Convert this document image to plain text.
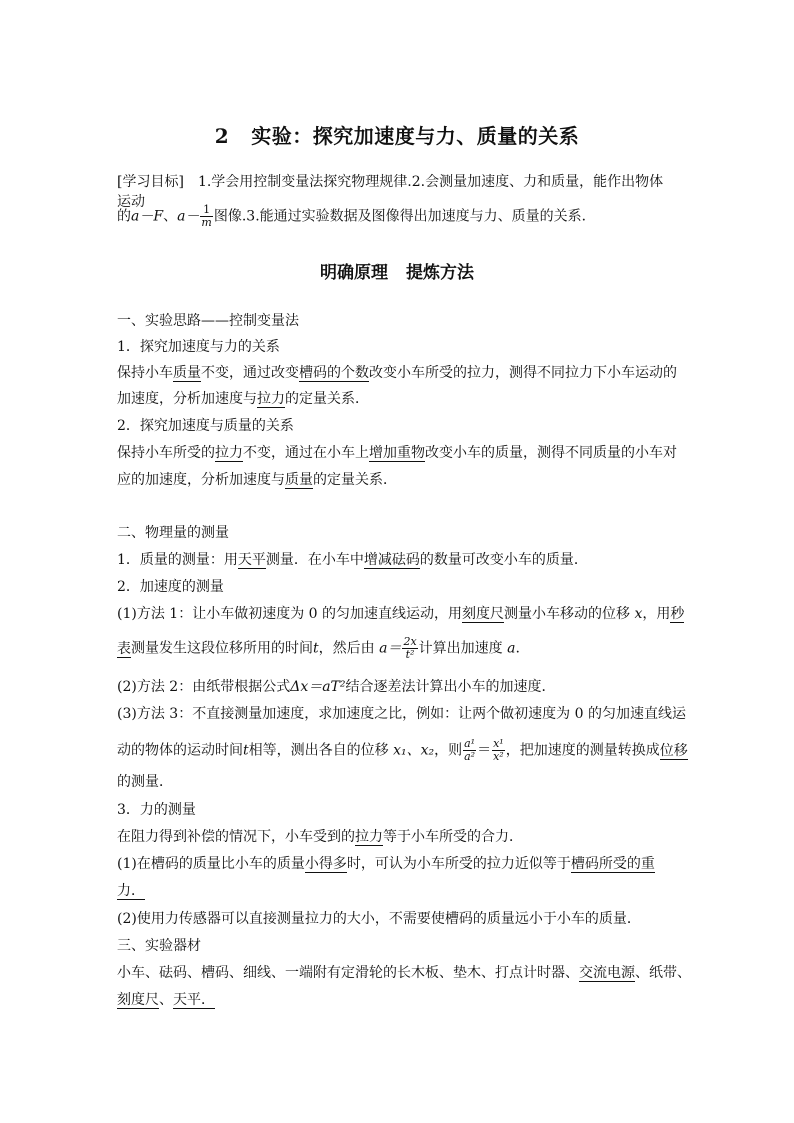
2 实验：探究加速度与力、质量的关系
[学习目标] 1.学会用控制变量法探究物理规律.2.会测量加速度、力和质量，能作出物体运动
的a－F、$a- \frac{1}{m}$ 图像.3.能通过实验数据及图像得出加速度与力、质量的关系．
明确原理 提炼方法
一、实验思路——控制变量法
1．探究加速度与力的关系
保持小车质量不变，通过改变槽码的个数改变小车所受的拉力，测得不同拉力下小车运动的
加速度，分析加速度与拉力的定量关系．
2．探究加速度与质量的关系
保持小车所受的拉力不变，通过在小车上增加重物改变小车的质量，测得不同质量的小车对
应的加速度，分析加速度与质量的定量关系．
二、物理量的测量
1．质量的测量：用天平测量．在小车中增减砝码的数量可改变小车的质量．
2．加速度的测量
(1)方法 1：让小车做初速度为 0 的匀加速直线运动，用刻度尺测量小车移动的位移 x，用秒
表测量发生这段位移所用的时间t，然后由 $a= \frac{2x}{\text{t²}}$ 计算出加速度 a.
(2)方法 2：由纸带根据公式Δx＝aT²结合逐差法计算出小车的加速度．
(3)方法 3：不直接测量加速度，求加速度之比，例如：让两个做初速度为 0 的匀加速直线运
动的物体的运动时间t相等，测出各自的位移 x₁、x₂，则 $\frac{\text{a¹}}{\text{a²}} = \frac{\text{x¹}}{\text{x²}}$ ，把加速度的测量转换成位移
的测量．
3．力的测量
在阻力得到补偿的情况下，小车受到的拉力等于小车所受的合力．
(1)在槽码的质量比小车的质量小得多时，可认为小车所受的拉力近似等于槽码所受的重
力．
(2)使用力传感器可以直接测量拉力的大小，不需要使槽码的质量远小于小车的质量．
三、实验器材
小车、砝码、槽码、细线、一端附有定滑轮的长木板、垫木、打点计时器、交流电源、纸带、
刻度尺、天平．
